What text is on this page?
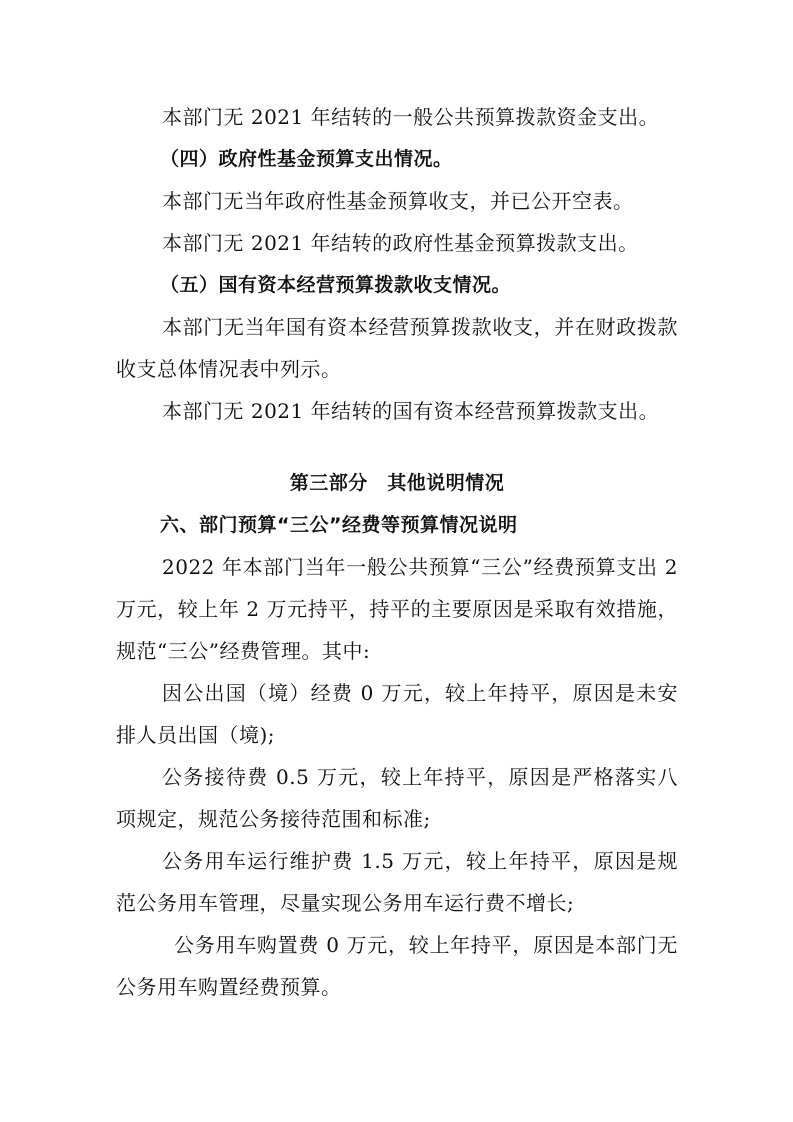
本部门无 2021 年结转的一般公共预算拨款资金支出。

（四）政府性基金预算支出情况。

本部门无当年政府性基金预算收支，并已公开空表。

本部门无 2021 年结转的政府性基金预算拨款支出。

（五）国有资本经营预算拨款收支情况。

本部门无当年国有资本经营预算拨款收支，并在财政拨款收支总体情况表中列示。

本部门无 2021 年结转的国有资本经营预算拨款支出。

第三部分　其他说明情况

六、部门预算“三公”经费等预算情况说明

2022 年本部门当年一般公共预算“三公”经费预算支出 2 万元，较上年 2 万元持平，持平的主要原因是采取有效措施，规范“三公”经费管理。其中:

因公出国（境）经费 0 万元，较上年持平，原因是未安排人员出国（境);

公务接待费 0.5 万元，较上年持平，原因是严格落实八项规定，规范公务接待范围和标准;

公务用车运行维护费 1.5 万元，较上年持平，原因是规范公务用车管理，尽量实现公务用车运行费不增长;

公务用车购置费 0 万元，较上年持平，原因是本部门无公务用车购置经费预算。
